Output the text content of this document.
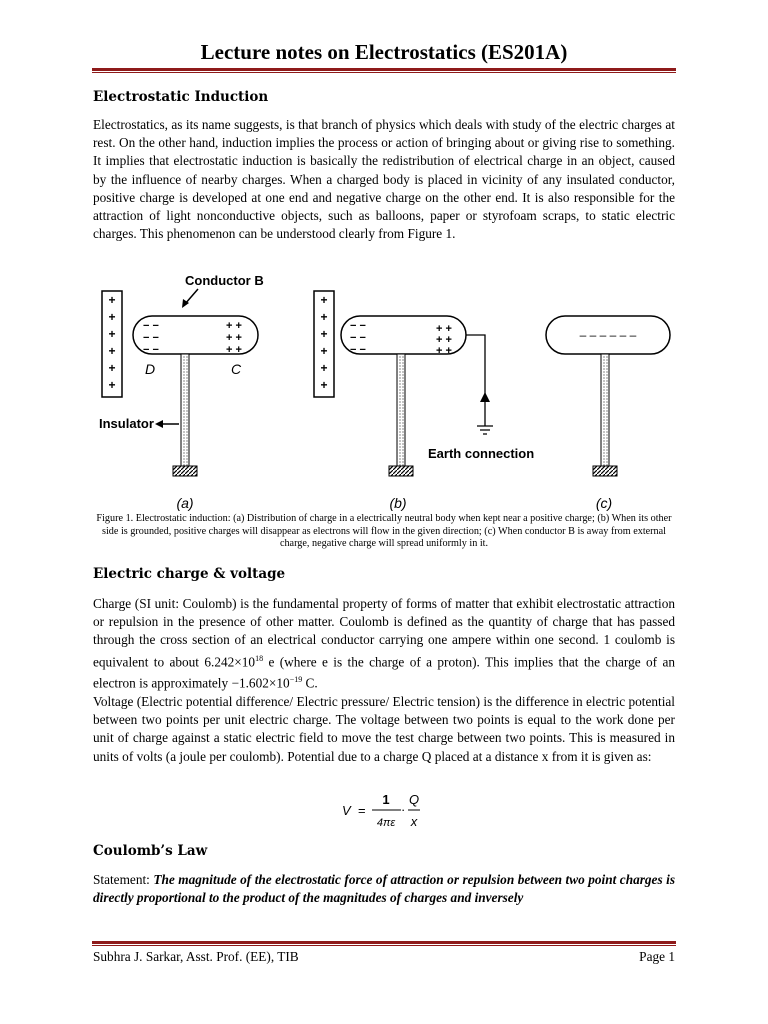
Lecture notes on Electrostatics (ES201A)
Electrostatic Induction

Electrostatics, as its name suggests, is that branch of physics which deals with study of the electric charges at rest. On the other hand, induction implies the process or action of bringing about or giving rise to something. It implies that electrostatic induction is basically the redistribution of electrical charge in an object, caused by the influence of nearby charges. When a charged body is placed in vicinity of any insulated conductor, positive charge is developed at one end and negative charge on the other end. It is also responsible for the attraction of light nonconductive objects, such as balloons, paper or styrofoam scraps, to static electric charges. This phenomenon can be understood clearly from Figure 1.

+
+
+
+
+
+
− −
− −
− −
+ +
+ +
+ +
D	C
Conductor B
Insulator
(a)
+
+
+
+
+
+
− −
− −
− −
+ +
+ +
+ +
Earth connection
(b)
– – – – – –
(c)
Figure 1. Electrostatic induction: (a) Distribution of charge in a electrically neutral body when kept near a positive charge; (b) When its other side is grounded, positive charges will disappear as electrons will flow in the given direction; (c) When conductor B is away from external charge, negative charge will spread uniformly in it.
Electric charge & voltage

Charge (SI unit: Coulomb) is the fundamental property of forms of matter that exhibit electrostatic attraction or repulsion in the presence of other matter. Coulomb is defined as the quantity of charge that has passed through the cross section of an electrical conductor carrying one ampere within one second. 1 coulomb is equivalent to about $6.242\times 10^{18}$ e (where e is the charge of a proton). This implies that the charge of an electron is approximately $-1.602\times 10^{-19}$ C.

Voltage (Electric potential difference/ Electric pressure/ Electric tension) is the difference in electric potential between two points per unit electric charge. The voltage between two points is equal to the work done per unit of charge against a static electric field to move the test charge between two points. This is measured in units of volts (a joule per coulomb). Potential due to a charge Q placed at a distance x from it is given as:

V =
1
4πε
·
Q
x
Coulomb’s Law

Statement: The magnitude of the electrostatic force of attraction or repulsion between two point charges is directly proportional to the product of the magnitudes of charges and inversely

Subhra J. Sarkar, Asst. Prof. (EE), TIB	Page 1
